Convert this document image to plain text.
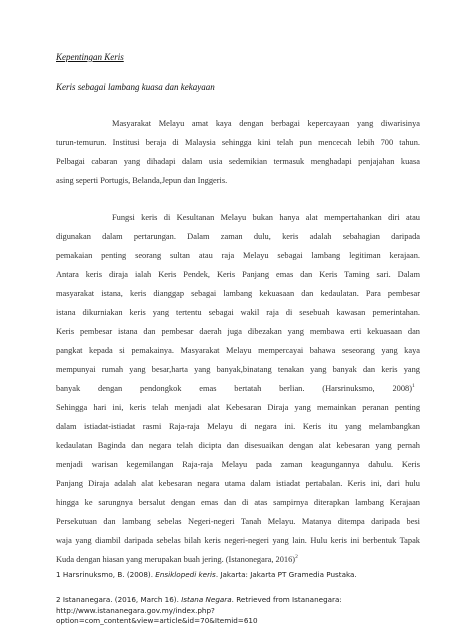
Kepentingan Keris
Keris sebagai lambang kuasa dan kekayaan
Masyarakat Melayu amat kaya dengan berbagai kepercayaan yang diwarisinya
turun-temurun. Institusi beraja di Malaysia sehingga kini telah pun mencecah lebih 700 tahun.
Pelbagai cabaran yang dihadapi dalam usia sedemikian termasuk menghadapi penjajahan kuasa
asing seperti Portugis, Belanda,Jepun dan Inggeris.
Fungsi keris di Kesultanan Melayu bukan hanya alat mempertahankan diri atau
digunakan dalam pertarungan. Dalam zaman dulu, keris adalah sebahagian daripada
pemakaian penting seorang sultan atau raja Melayu sebagai lambang legitiman kerajaan.
Antara keris diraja ialah Keris Pendek, Keris Panjang emas dan Keris Taming sari. Dalam
masyarakat istana, keris dianggap sebagai lambang kekuasaan dan kedaulatan. Para pembesar
istana dikurniakan keris yang tertentu sebagai wakil raja di sesebuah kawasan pemerintahan.
Keris pembesar istana dan pembesar daerah juga dibezakan yang membawa erti kekuasaan dan
pangkat kepada si pemakainya. Masyarakat Melayu mempercayai bahawa seseorang yang kaya
mempunyai rumah yang besar,harta yang banyak,binatang tenakan yang banyak dan keris yang
banyak dengan pendongkok emas bertatah berlian. (Harsrinuksmo, 2008)$^1$
Sehingga hari ini, keris telah menjadi alat Kebesaran Diraja yang memainkan peranan penting
dalam istiadat-istiadat rasmi Raja-raja Melayu di negara ini. Keris itu yang melambangkan
kedaulatan Baginda dan negara telah dicipta dan disesuaikan dengan alat kebesaran yang pernah
menjadi warisan kegemilangan Raja-raja Melayu pada zaman keagungannya dahulu. Keris
Panjang Diraja adalah alat kebesaran negara utama dalam istiadat pertabalan. Keris ini, dari hulu
hingga ke sarungnya bersalut dengan emas dan di atas sampirnya diterapkan lambang Kerajaan
Persekutuan dan lambang sebelas Negeri-negeri Tanah Melayu. Matanya ditempa daripada besi
waja yang diambil daripada sebelas bilah keris negeri-negeri yang lain. Hulu keris ini berbentuk Tapak
Kuda dengan hiasan yang merupakan buah jering. (Istanonegara, 2016)$^2$
1 Harsrinuksmo, B. (2008). Ensiklopedi keris. Jakarta: Jakarta PT Gramedia Pustaka.
2 Istananegara. (2016, March 16). Istana Negara. Retrieved from Istananegara:
http://www.istananegara.gov.my/index.php?
option=com_content&view=article&id=70&Itemid=610
